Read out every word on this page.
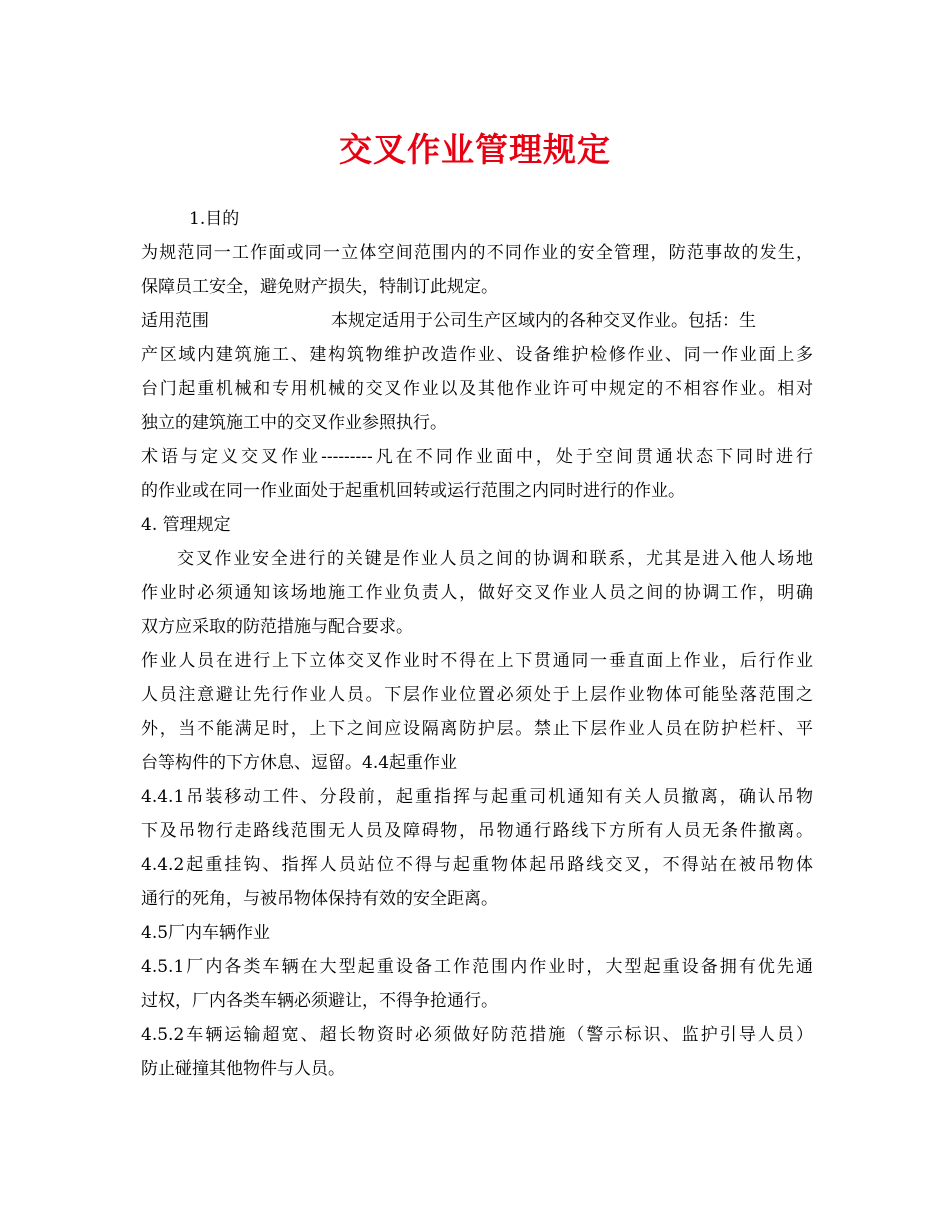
交叉作业管理规定
1.目的
为规范同一工作面或同一立体空间范围内的不同作业的安全管理，防范事故的发生，
保障员工安全，避免财产损失，特制订此规定。
适用范围	本规定适用于公司生产区域内的各种交叉作业。包括：生
产区域内建筑施工、建构筑物维护改造作业、设备维护检修作业、同一作业面上多
台门起重机械和专用机械的交叉作业以及其他作业许可中规定的不相容作业。相对
独立的建筑施工中的交叉作业参照执行。
术语与定义交叉作业---------凡在不同作业面中，处于空间贯通状态下同时进行
的作业或在同一作业面处于起重机回转或运行范围之内同时进行的作业。
4. 管理规定
交叉作业安全进行的关键是作业人员之间的协调和联系，尤其是进入他人场地
作业时必须通知该场地施工作业负责人，做好交叉作业人员之间的协调工作，明确
双方应采取的防范措施与配合要求。
作业人员在进行上下立体交叉作业时不得在上下贯通同一垂直面上作业，后行作业
人员注意避让先行作业人员。下层作业位置必须处于上层作业物体可能坠落范围之
外，当不能满足时，上下之间应设隔离防护层。禁止下层作业人员在防护栏杆、平
台等构件的下方休息、逗留。4.4起重作业
4.4.1吊装移动工件、分段前，起重指挥与起重司机通知有关人员撤离，确认吊物
下及吊物行走路线范围无人员及障碍物，吊物通行路线下方所有人员无条件撤离。
4.4.2起重挂钩、指挥人员站位不得与起重物体起吊路线交叉，不得站在被吊物体
通行的死角，与被吊物体保持有效的安全距离。
4.5厂内车辆作业
4.5.1厂内各类车辆在大型起重设备工作范围内作业时，大型起重设备拥有优先通
过权，厂内各类车辆必须避让，不得争抢通行。
4.5.2车辆运输超宽、超长物资时必须做好防范措施（警示标识、监护引导人员）
防止碰撞其他物件与人员。
